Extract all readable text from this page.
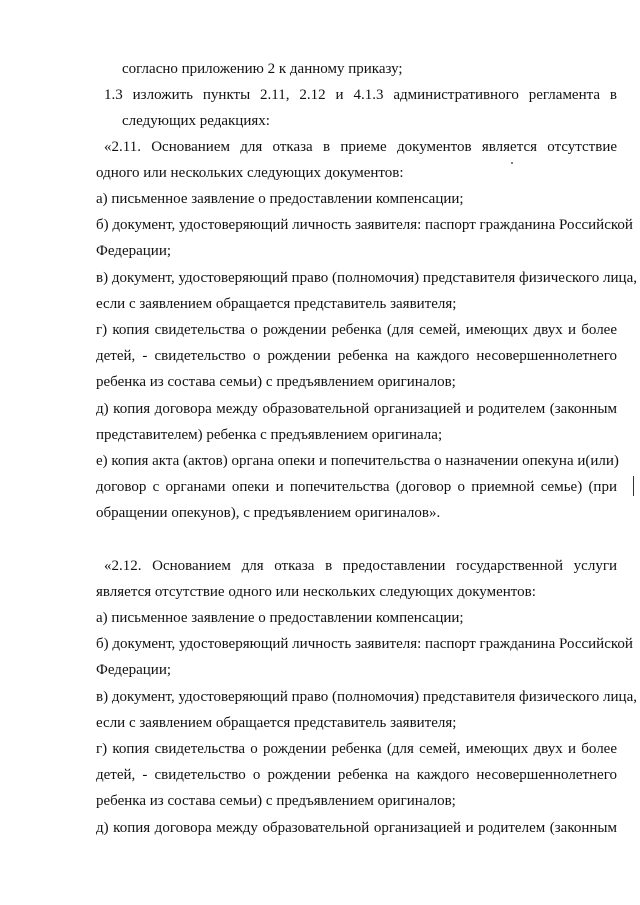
согласно приложению 2 к данному приказу;
1.3 изложить пункты 2.11, 2.12 и 4.1.3 административного регламента в
следующих редакциях:
«2.11. Основанием для отказа в приеме документов является отсутствие
одного или нескольких следующих документов:
а) письменное заявление о предоставлении компенсации;
б) документ, удостоверяющий личность заявителя: паспорт гражданина Российской
Федерации;
в) документ, удостоверяющий право (полномочия) представителя физического лица,
если с заявлением обращается представитель заявителя;
г) копия свидетельства о рождении ребенка (для семей, имеющих двух и более
детей, - свидетельство о рождении ребенка на каждого несовершеннолетнего
ребенка из состава семьи) с предъявлением оригиналов;
д) копия договора между образовательной организацией и родителем (законным
представителем) ребенка с предъявлением оригинала;
е) копия акта (актов) органа опеки и попечительства о назначении опекуна и(или)
договор с органами опеки и попечительства (договор о приемной семье) (при
обращении опекунов), с предъявлением оригиналов».
«2.12. Основанием для отказа в предоставлении государственной услуги
является отсутствие одного или нескольких следующих документов:
а) письменное заявление о предоставлении компенсации;
б) документ, удостоверяющий личность заявителя: паспорт гражданина Российской
Федерации;
в) документ, удостоверяющий право (полномочия) представителя физического лица,
если с заявлением обращается представитель заявителя;
г) копия свидетельства о рождении ребенка (для семей, имеющих двух и более
детей, - свидетельство о рождении ребенка на каждого несовершеннолетнего
ребенка из состава семьи) с предъявлением оригиналов;
д) копия договора между образовательной организацией и родителем (законным
